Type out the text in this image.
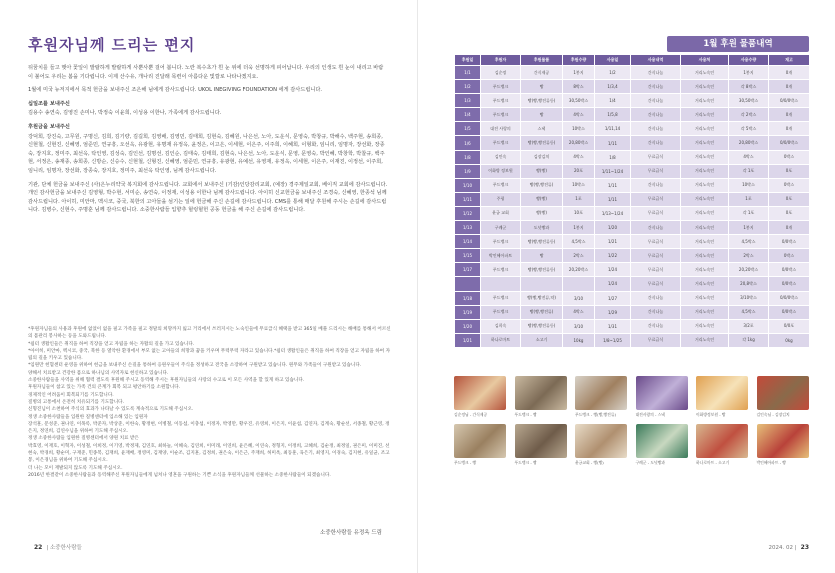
후원자님께 드리는 편지

뒤꿈치를 들고 햇아 꽃잎이 발랄하게 발랄하게 사뿐사뿐 걸어 봅니다. 노란 복수초가 흰 눈 위에 더욱 선명하게 피어납니다. 우리의 인생도 흰 눈이 내리고 바람이 불어도 우리는 봄을 기다립니다. 이제 산수유, 개나리 진달래 목련이 아름다운 빛깔로 나타나겠지요.

1월에 미국 뉴저지에서 목적 헌금을 보내주신 조은해 님에게 감사드립니다. UKOL INEGIVING FOUNDATION 에게 감사드립니다.

십일조를 보내주신

김용수 송연숙, 김영진 손미나, 박정숙 이윤희, 이성용 이한나, 가족에게 감사드립니다.

후원금을 보내주신

강덕희, 강진숙, 고무원, 구명신, 김희, 김기량, 김길희, 김영배, 김영민, 김태희, 김현숙, 김혜원, 나은선, 노아, 도운식, 문영숙, 박창규, 박해수, 백주현, 송희종, 신현철, 신현진, 신혜영, 엄준민, 연규흥, 오선옥, 유광현, 유명재 유정옥, 윤정은, 이고은, 이세현, 이은주, 이주희, 이혜희, 이형화, 임니리, 임명자, 장선화, 장종숙, 장지호, 정미주, 최선옥, 탁인영, 김성숙, 김인선, 김명선, 김인순, 김태숙, 김태희, 김현숙, 나은선, 노아, 도운식, 문영, 문영숙, 박인혜, 박창학, 박찰규, 백주현, 서정은, 송재종, 송희종, 신방순, 신승수, 신현철, 신형진, 신혜영, 엄준민, 연규흥, 유광현, 유예선, 유영재, 유정옥, 이세현, 이은주, 이재진, 이정선, 이주희, 임니리, 임명자, 장선화, 장종숙, 장지호, 정미주, 최선옥 탁인영, 님께 감사드립니다.

기관, 단체 헌금을 보내주신 (사)은누리약국 복지회에 감사드립니다. 교회에서 보내주신 (기감)인당감리교회, (예장) 경주제일교회, 베이직 교회에 감사드립니다. 개인 감사헌금을 보내주신 김영형, 박수현, 서미순, 송연숙, 이정재, 이성용 이한나 님께 감사드립니다. 아이히 신교헌금을 보내주신 조경숙, 신혜영, 한종석 님께 감사드립니다. 아이히, 미안마, 멕시코, 중국, 북한의 고아들을 섬기는 일에 헌금해 주신 손길에 감사드립니다. CMS를 통해 매달 후원해 주시는 손길에 감사드립니다. 김병수, 신현수, 주명훈 님께 감사드립니다. 소중한사람들 입향추 헐렁헐헌 공동 헌금을 해 주신 손길에 감사드립니다.

*후원자님들의 사용과 후원에 없었이 없을 필고 가족을 필고 정말의 희망까지 잃고 거리에서 쓰러지시는 노숙인들에 무료급식 혜택을 받고 365일 베풀 드리시는 해배를 통해서 어르신의 몸관리 봉사하는 등을 도와드립니다.

*쉼터 생활인들은 취직을 하여 직장을 얻고 자립을 하는 자활의 길을 가고 있습니다.

*아이히, 미안마, 멕시코, 중국, 북한 등 열악한 환경에서 부모 없는 고아들의 희망과 꿈을 키우며 무럭무럭 자라고 있습니다.*쉼터 생활인들은 취직을 하여 직장을 얻고 자립을 하여 자립의 길을 키우고 있습니다.

*임원만 헌혈센터 운영을 위하여 헌금을 보내주신 손길을 통하여 응원우들이 주식을 정성하고 전국을 소장하여 구원받고 있습니다. 원무와 가족들이 구원받고 있습니다.

양해서 치료받고 건강한 몸으로 하나님의 사역자로 헌신하고 있습니다.

소중한사람들을 사역을 위해 협력 결도록 후원해 주시고 동역해 주시는 후원자님들의 사랑의 수고로 이 모든 사역을 할 있게 하고 있습니다.

후원자님들이 참고 있는 가족 건의 큰계가 회복 되고 평안하기를 소원합니다.

경제적인 어려움이 회복되기를 기도합니다.

질병의 고통에서 온전히 치유되기를 기도합니다.

신형진님이 소천하여 주식의 효과가 나타날 수 있도록 계속적으로 기도해 주십시오.

정생 소중한사람들을 입원한 질병센터에 입소해 있는 입원자

장석훈, 문성준, 권나연, 이목록, 박준자, 박상준, 이한숙, 황정현, 이병철, 이동섭, 이충섭, 이정자, 박영만, 황우진, 유영희, 이은지, 이윤섭, 김연자, 김계숙, 황순선, 서종철, 황근영, 정은지, 정연희, 김연수님을 위하여 기도해 주십시오.

정생 소중한사람들 입원한 질병센터에서 양원 치료 받은

박효영, 이재호, 이혁자, 이성철, 이희정, 이기영, 박정제, 김연호, 최하늘, 이혜숙, 김연희, 이미래, 이연희, 윤은혜, 이연숙, 정형지, 이정희, 고혜희, 김순정, 최정일, 권은미, 이미진, 선현숙, 박경희, 황순미, 구재준, 민종복, 김재희, 윤재배, 정영미, 김재양, 이순조, 김지훈, 김정희, 권은숙, 이은근, 주재희, 허미옥, 최동훈, 육은기, 최영지, 이경숙, 김지현, 유일균, 조고봉, 이은경님을 위하여 기도해 주십시오.

더 나는 모이 재발되지 않도록 기도해 주십시오.

2016년 한결같이 소중한사람들과 동역해주신 후원자님들에게 넘쳐나 영혼을 구원하는 기쁜 소식을 후원자님들께 선물하는 소중한사람들이 되겠습니다.

소중한사람들 유정옥 드림
22 | 소중한사람들
1월 후원 물품내역
후원일	후원자	후원물품	후원수량	사용일	사용내역	사용처	사용수량	재고
1/1	김순정	간식제공	1봉지	1/2	간식나눔	거리노숙인	1봉지	0개
1/2	푸드뱅크	빵	8박스	1/3,4	간식나눔	거리노숙인	각 8박스	0개
1/3	푸드뱅크	빵(빵,빵전류등)	30,50박스	1/4	간식나눔	거리노숙인	30,50박스	0/0/0박스
1/4	푸드뱅크	빵	4박스	1/5,8	간식나눔	거리노숙인	각 2박스	0개
1/5	대전 사랑의	스낵	10박스	1/11,14	간식나눔	거리노숙인	각 5박스	0개
1/6	푸드뱅크	빵(빵,빵전류등)	20,80박스	1/11	간식나눔	거리노숙인	20,80박스	0/0/0박스
1/8	김인숙	김장김치	4박스	1/8	무료급식	거리노숙인	4박스	0박스
1/9	이화방 정보원	빵(빵)	20포	1/11~1/24	무료급식	거리노숙인	각 1포	0포
1/10	푸드뱅크	빵(빵,빵전류)	10박스	1/11	간식나눔	거리노숙인	10박스	0박스
1/11	주평	빵(빵)	1포	1/11	무료급식	거리노숙인	1포	0포
1/12	윤궁 교회	빵(빵)	10포	1/13~1/24	무료급식	거리노숙인	각 1포	0포
1/13	구례군	도넛빵과	1봉지	1/20	간식나눔	거리노숙인	1봉지	0개
1/14	푸드뱅크	빵(빵,빵전류등)	4,5박스	1/21	무료급식	거리노숙인	4,5박스	0/0박스
1/15	박인혜아파트	빵	2박스	1/22	무료급식	거리노숙인	2박스	0박스
1/17	푸드뱅크	빵(빵,빵전류등)	20,20박스	1/24	무료급식	거리노숙인	20,20박스	0/0박스
				1/24	무료급식	거리노숙인	20,8박스	0/0박스
1/18	푸드뱅크	빵(빵,빵전류,약)	3/10	1/27	간식나눔	거리노숙인	3/10박스	0/0/0박스
1/19	푸드뱅크	빵(빵,빵전류)	4박스	1/29	간식나눔	거리노숙인	4,5박스	0/0박스
1/20	김희숙	빵(빵,빵전류등)	3/10	1/31	간식나눔	거리노숙인	3/2포	0/0포
1/21	하나로마트	소고기	10kg	1/8~1/25	무료급식	거리노숙인	각 1kg	0kg
김순정님 - 간식제공	푸드뱅크 - 빵	푸드뱅크 - 빵(빵,빵전류)	대전사랑의 - 스낵	이화방정보원 - 빵	김인숙님 - 김장김치
푸드뱅크 - 빵	푸드뱅크 - 빵	윤궁교회 - 빵(빵)	구례군 - 도넛빵과	하나로마트 - 소고기	박인혜아파트 - 빵
2024. 02 | 23
